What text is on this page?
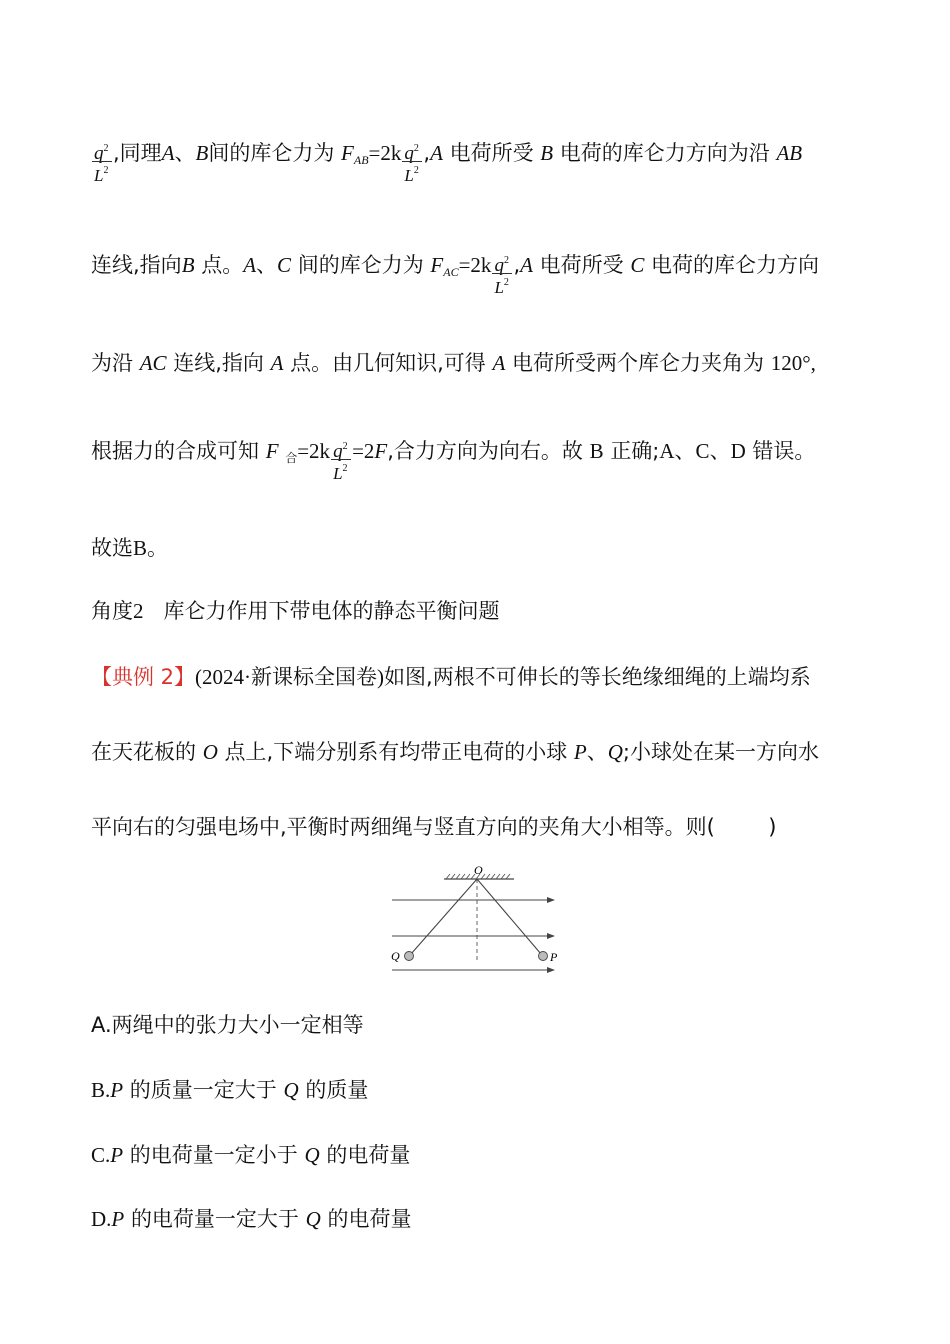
$\frac{q^2}{L^2}$ ,同理A、B间的库仑力为 $F_{AB}=2k \frac{q^2}{L^2} ,A$ 电荷所受 B 电荷的库仑力方向为沿 AB
连线,指向B 点。A、C 间的库仑力为 $F_{AC}=2k \frac{q^2}{L^2} ,A$ 电荷所受 C 电荷的库仑力方向
为沿 AC 连线,指向 A 点。由几何知识,可得 A 电荷所受两个库仑力夹角为 120°,
根据力的合成可知 F $_合=2k \frac{q^2}{L^2} =2F$,合力方向为向右。故 B 正确;A、C、D 错误。
故选B。
角度2 库仑力作用下带电体的静态平衡问题
【典例 2】(2024·新课标全国卷)如图,两根不可伸长的等长绝缘细绳的上端均系
在天花板的 O 点上,下端分别系有均带正电荷的小球 P、Q;小球处在某一方向水
平向右的匀强电场中,平衡时两细绳与竖直方向的夹角大小相等。则(	)
O
Q	P
A.两绳中的张力大小一定相等
B.P 的质量一定大于 Q 的质量
C.P 的电荷量一定小于 Q 的电荷量
D.P 的电荷量一定大于 Q 的电荷量
